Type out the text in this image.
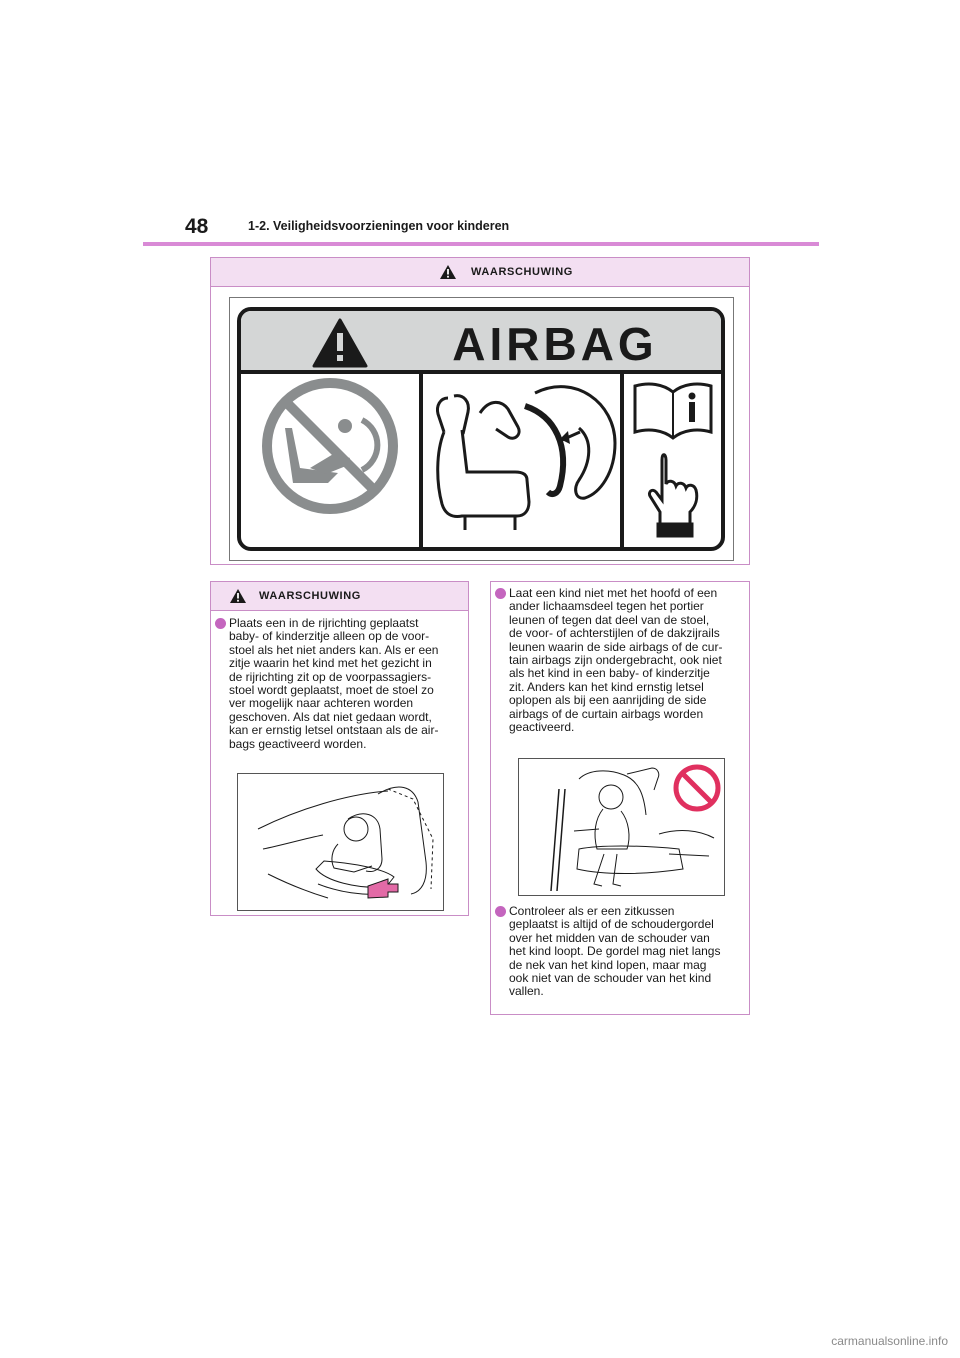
48	1-2. Veiligheidsvoorzieningen voor kinderen
WAARSCHUWING
AIRBAG
WAARSCHUWING
Plaats een in de rijrichting geplaatst
baby- of kinderzitje alleen op de voor-
stoel als het niet anders kan. Als er een
zitje waarin het kind met het gezicht in
de rijrichting zit op de voorpassagiers-
stoel wordt geplaatst, moet de stoel zo
ver mogelijk naar achteren worden
geschoven. Als dat niet gedaan wordt,
kan er ernstig letsel ontstaan als de air-
bags geactiveerd worden.
Laat een kind niet met het hoofd of een
ander lichaamsdeel tegen het portier
leunen of tegen dat deel van de stoel,
de voor- of achterstijlen of de dakzijrails
leunen waarin de side airbags of de cur-
tain airbags zijn ondergebracht, ook niet
als het kind in een baby- of kinderzitje
zit. Anders kan het kind ernstig letsel
oplopen als bij een aanrijding de side
airbags of de curtain airbags worden
geactiveerd.
Controleer als er een zitkussen
geplaatst is altijd of de schoudergordel
over het midden van de schouder van
het kind loopt. De gordel mag niet langs
de nek van het kind lopen, maar mag
ook niet van de schouder van het kind
vallen.
carmanualsonline.info
